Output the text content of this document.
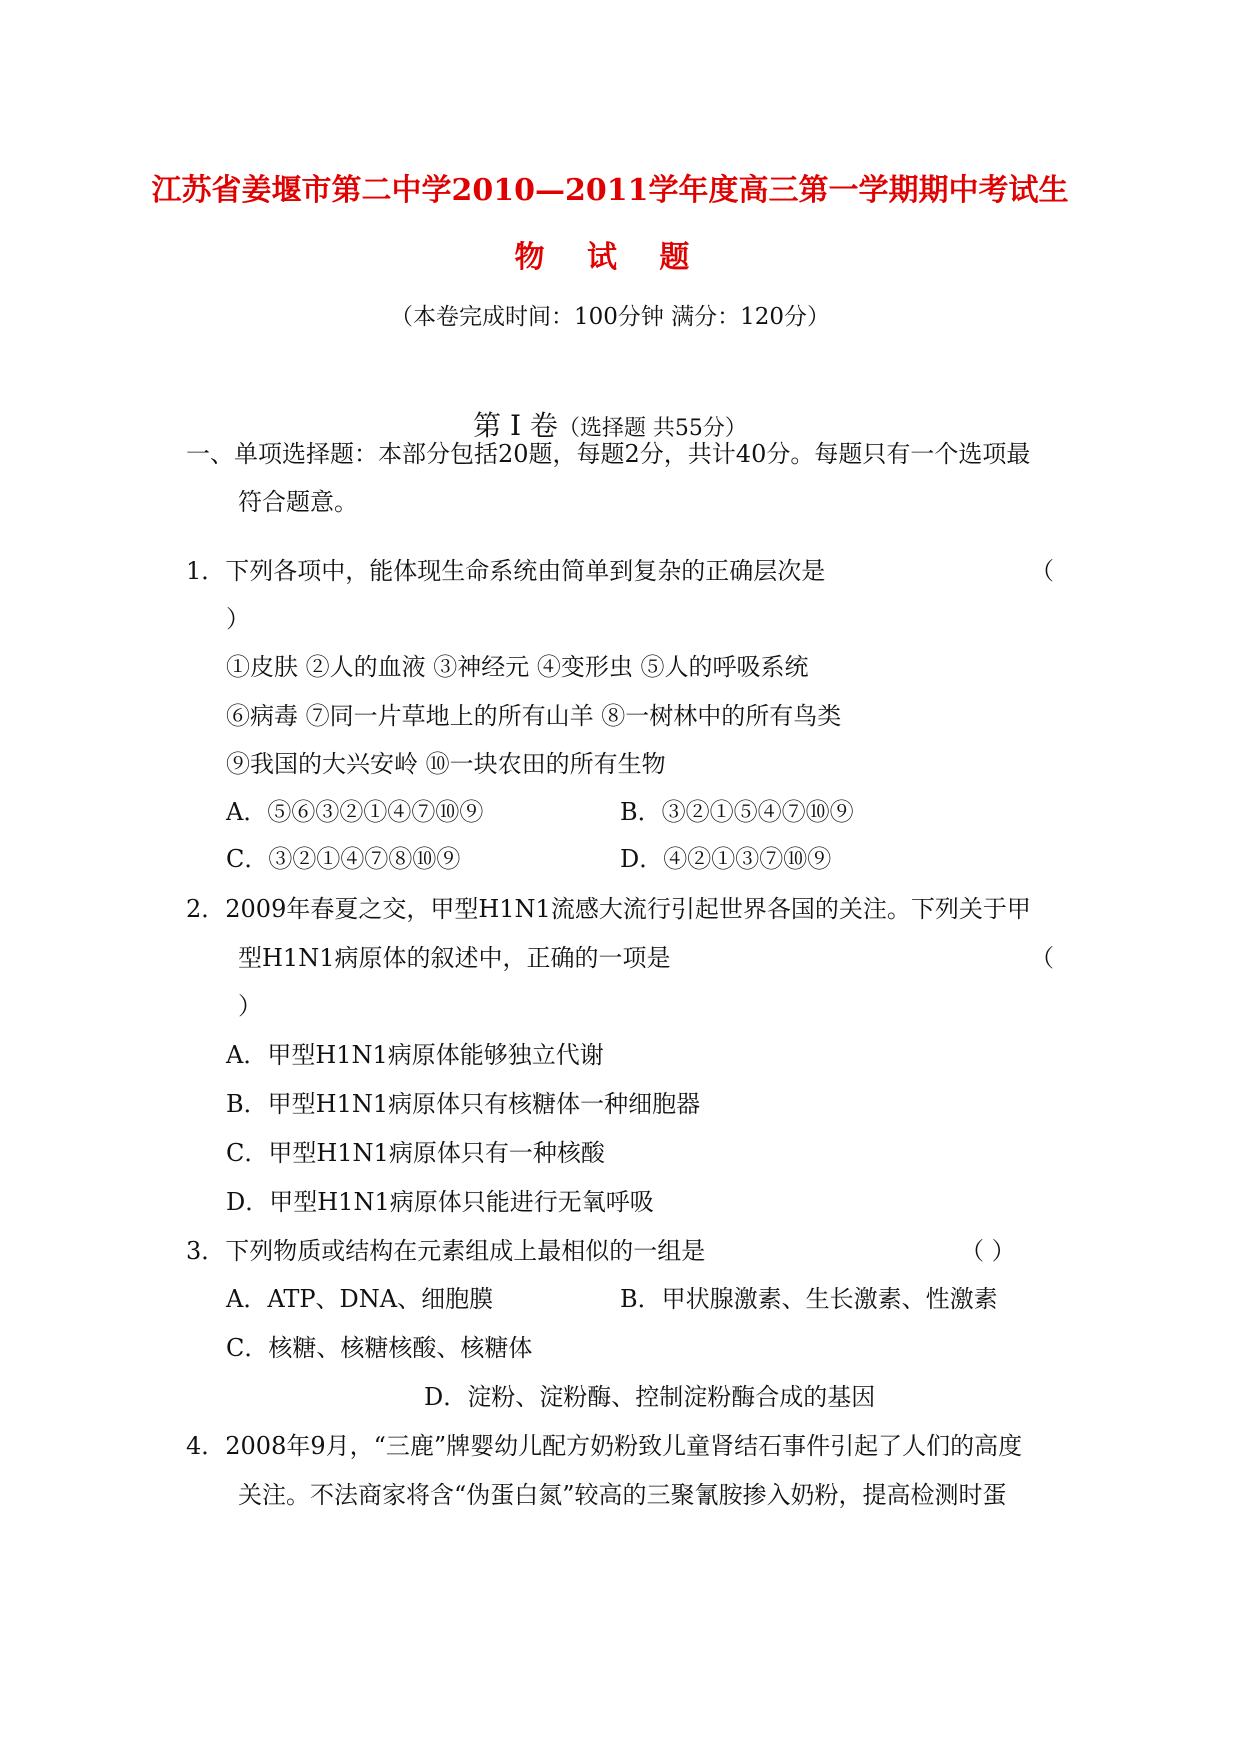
江苏省姜堰市第二中学2010—2011学年度高三第一学期期中考试生
物 试 题
（本卷完成时间：100分钟 满分：120分）
第 I 卷（选择题 共55分）
一、单项选择题：本部分包括20题，每题2分，共计40分。每题只有一个选项最
符合题意。
1．下列各项中，能体现生命系统由简单到复杂的正确层次是	（
）
①皮肤 ②人的血液 ③神经元 ④变形虫 ⑤人的呼吸系统
⑥病毒 ⑦同一片草地上的所有山羊 ⑧一树林中的所有鸟类
⑨我国的大兴安岭 ⑩一块农田的所有生物
A．⑤⑥③②①④⑦⑩⑨	B．③②①⑤④⑦⑩⑨
C．③②①④⑦⑧⑩⑨	D．④②①③⑦⑩⑨
2．2009年春夏之交，甲型H1N1流感大流行引起世界各国的关注。下列关于甲
型H1N1病原体的叙述中，正确的一项是	（
）
A．甲型H1N1病原体能够独立代谢
B．甲型H1N1病原体只有核糖体一种细胞器
C．甲型H1N1病原体只有一种核酸
D．甲型H1N1病原体只能进行无氧呼吸
3．下列物质或结构在元素组成上最相似的一组是	（ ）
A．ATP、DNA、细胞膜	B．甲状腺激素、生长激素、性激素
C．核糖、核糖核酸、核糖体
D．淀粉、淀粉酶、控制淀粉酶合成的基因
4．2008年9月，“三鹿”牌婴幼儿配方奶粉致儿童肾结石事件引起了人们的高度
关注。不法商家将含“伪蛋白氮”较高的三聚氰胺掺入奶粉，提高检测时蛋
